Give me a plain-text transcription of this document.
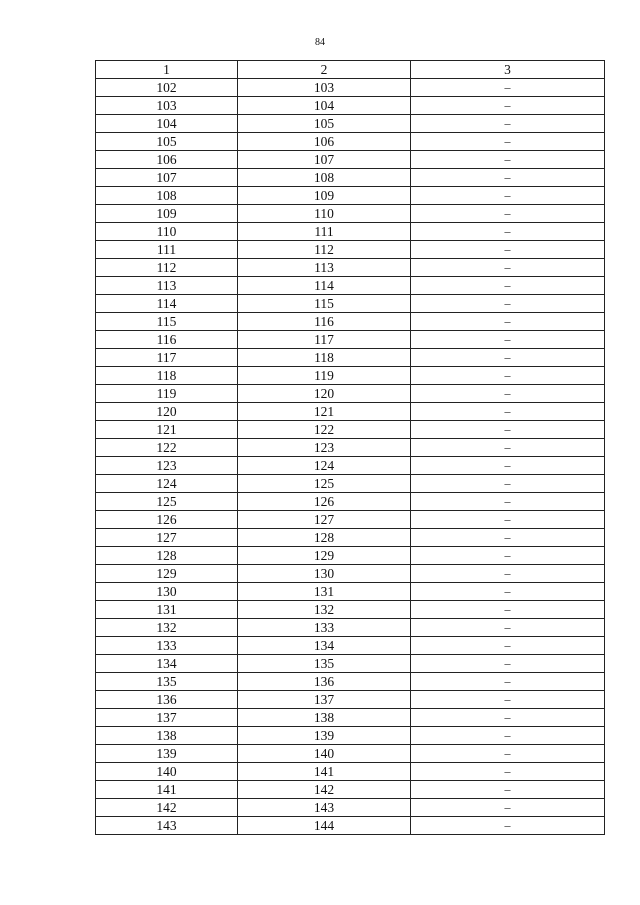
84
1	2	3
102	103	–
103	104	–
104	105	–
105	106	–
106	107	–
107	108	–
108	109	–
109	110	–
110	111	–
111	112	–
112	113	–
113	114	–
114	115	–
115	116	–
116	117	–
117	118	–
118	119	–
119	120	–
120	121	–
121	122	–
122	123	–
123	124	–
124	125	–
125	126	–
126	127	–
127	128	–
128	129	–
129	130	–
130	131	–
131	132	–
132	133	–
133	134	–
134	135	–
135	136	–
136	137	–
137	138	–
138	139	–
139	140	–
140	141	–
141	142	–
142	143	–
143	144	–
